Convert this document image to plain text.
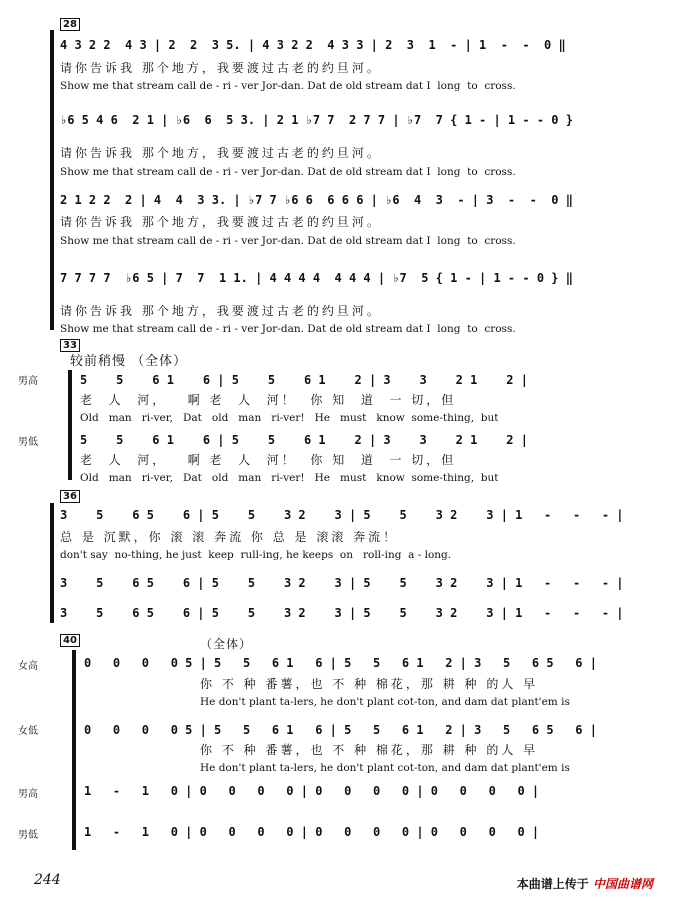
28
4 3 2 2  4 3 | 2  2  3 5. | 4 3 2 2  4 3 3 | 2  3  1  - | 1  -  -  0 ‖
请你告诉我 那个地方，我要渡过古老的约旦河。
Show me that stream call de - ri - ver Jor-dan. Dat de old stream dat I  long  to  cross.
♭6 5 4 6  2 1 | ♭6  6  5 3. | 2 1 ♭7 7  2 7 7 | ♭7  7 { 1 - | 1 - - 0 }
请你告诉我 那个地方，我要渡过古老的约旦河。
Show me that stream call de - ri - ver Jor-dan. Dat de old stream dat I  long  to  cross.
2 1 2 2  2 | 4  4  3 3. | ♭7 7 ♭6 6  6 6 6 | ♭6  4  3  - | 3  -  -  0 ‖
请你告诉我 那个地方，我要渡过古老的约旦河。
Show me that stream call de - ri - ver Jor-dan. Dat de old stream dat I  long  to  cross.
7 7 7 7  ♭6 5 | 7  7  1 1. | 4 4 4 4  4 4 4 | ♭7  5 { 1 - | 1 - - 0 } ‖
请你告诉我 那个地方，我要渡过古老的约旦河。
Show me that stream call de - ri - ver Jor-dan. Dat de old stream dat I  long  to  cross.
33
较前稍慢 （全体）
男高	5    5    6 1    6 | 5    5    6 1    2 | 3    3    2 1    2 |
老  人  河，   啊 老  人  河！  你 知  道  一 切，但
Old   man   ri-ver,   Dat   old   man   ri-ver!   He   must   know  some-thing,  but
男低	5    5    6 1    6 | 5    5    6 1    2 | 3    3    2 1    2 |
老  人  河，   啊 老  人  河！  你 知  道  一 切，但
Old   man   ri-ver,   Dat   old   man   ri-ver!   He   must   know  some-thing,  but
36
3    5    6 5    6 | 5    5    3 2    3 | 5    5    3 2    3 | 1   -   -   - |
总 是 沉默，你 滚 滚 奔流 你 总 是 滚滚 奔流！
don't say  no-thing, he just  keep  rull-ing, he keeps  on   roll-ing  a - long.
3    5    6 5    6 | 5    5    3 2    3 | 5    5    3 2    3 | 1   -   -   - |
3    5    6 5    6 | 5    5    3 2    3 | 5    5    3 2    3 | 1   -   -   - |
40	（全体）
女高	0   0   0   0 5 | 5   5   6 1   6 | 5   5   6 1   2 | 3   5   6 5   6 |
你 不 种 番薯，也 不 种 棉花，那 耕 种 的人 早
He don't plant ta-lers, he don't plant cot-ton, and dam dat plant'em is
女低	0   0   0   0 5 | 5   5   6 1   6 | 5   5   6 1   2 | 3   5   6 5   6 |
你 不 种 番薯，也 不 种 棉花，那 耕 种 的人 早
He don't plant ta-lers, he don't plant cot-ton, and dam dat plant'em is
男高	1   -   1   0 | 0   0   0   0 | 0   0   0   0 | 0   0   0   0 |
男低	1   -   1   0 | 0   0   0   0 | 0   0   0   0 | 0   0   0   0 |
244	本曲谱上传于 中国曲谱网
